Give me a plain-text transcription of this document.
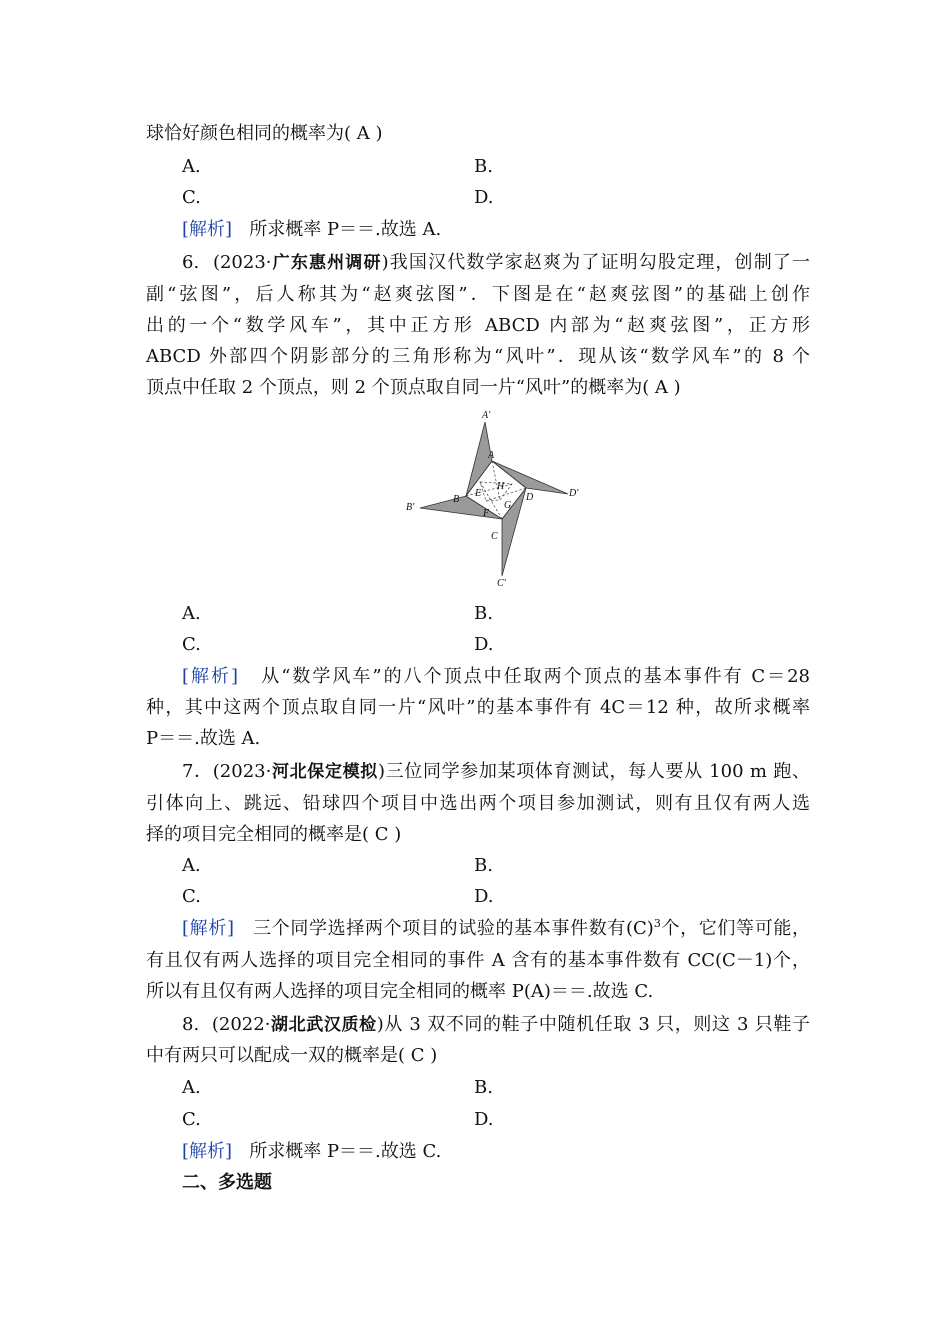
球恰好颜色相同的概率为( A )
A.	B.
C.	D.
[解析] 所求概率 P＝＝.故选 A.
6. (2023·广东惠州调研)我国汉代数学家赵爽为了证明勾股定理，创制了一
副“弦图”，后人称其为“赵爽弦图”．下图是在“赵爽弦图”的基础上创作
出的一个“数学风车”，其中正方形 ABCD 内部为“赵爽弦图”，正方形
ABCD 外部四个阴影部分的三角形称为“风叶”．现从该“数学风车”的 8 个
顶点中任取 2 个顶点，则 2 个顶点取自同一片“风叶”的概率为( A )
A′
A
B′
B
E
H
D	D′
F
G
C
C′
A.	B.
C.	D.
[解析] 从“数学风车”的八个顶点中任取两个顶点的基本事件有 C＝28
种，其中这两个顶点取自同一片“风叶”的基本事件有 4C＝12 种，故所求概率
P＝＝.故选 A.
7．(2023·河北保定模拟)三位同学参加某项体育测试，每人要从 100 m 跑、
引体向上、跳远、铅球四个项目中选出两个项目参加测试，则有且仅有两人选
择的项目完全相同的概率是( C )
A.	B.
C.	D.
[解析] 三个同学选择两个项目的试验的基本事件数有$(C)^3$个，它们等可能，
有且仅有两人选择的项目完全相同的事件 A 含有的基本事件数有 CC(C－1)个，
所以有且仅有两人选择的项目完全相同的概率 P(A)＝＝.故选 C.
8. (2022·湖北武汉质检)从 3 双不同的鞋子中随机任取 3 只，则这 3 只鞋子
中有两只可以配成一双的概率是( C )
A.	B.
C.	D.
[解析] 所求概率 P＝＝.故选 C.
二、多选题
